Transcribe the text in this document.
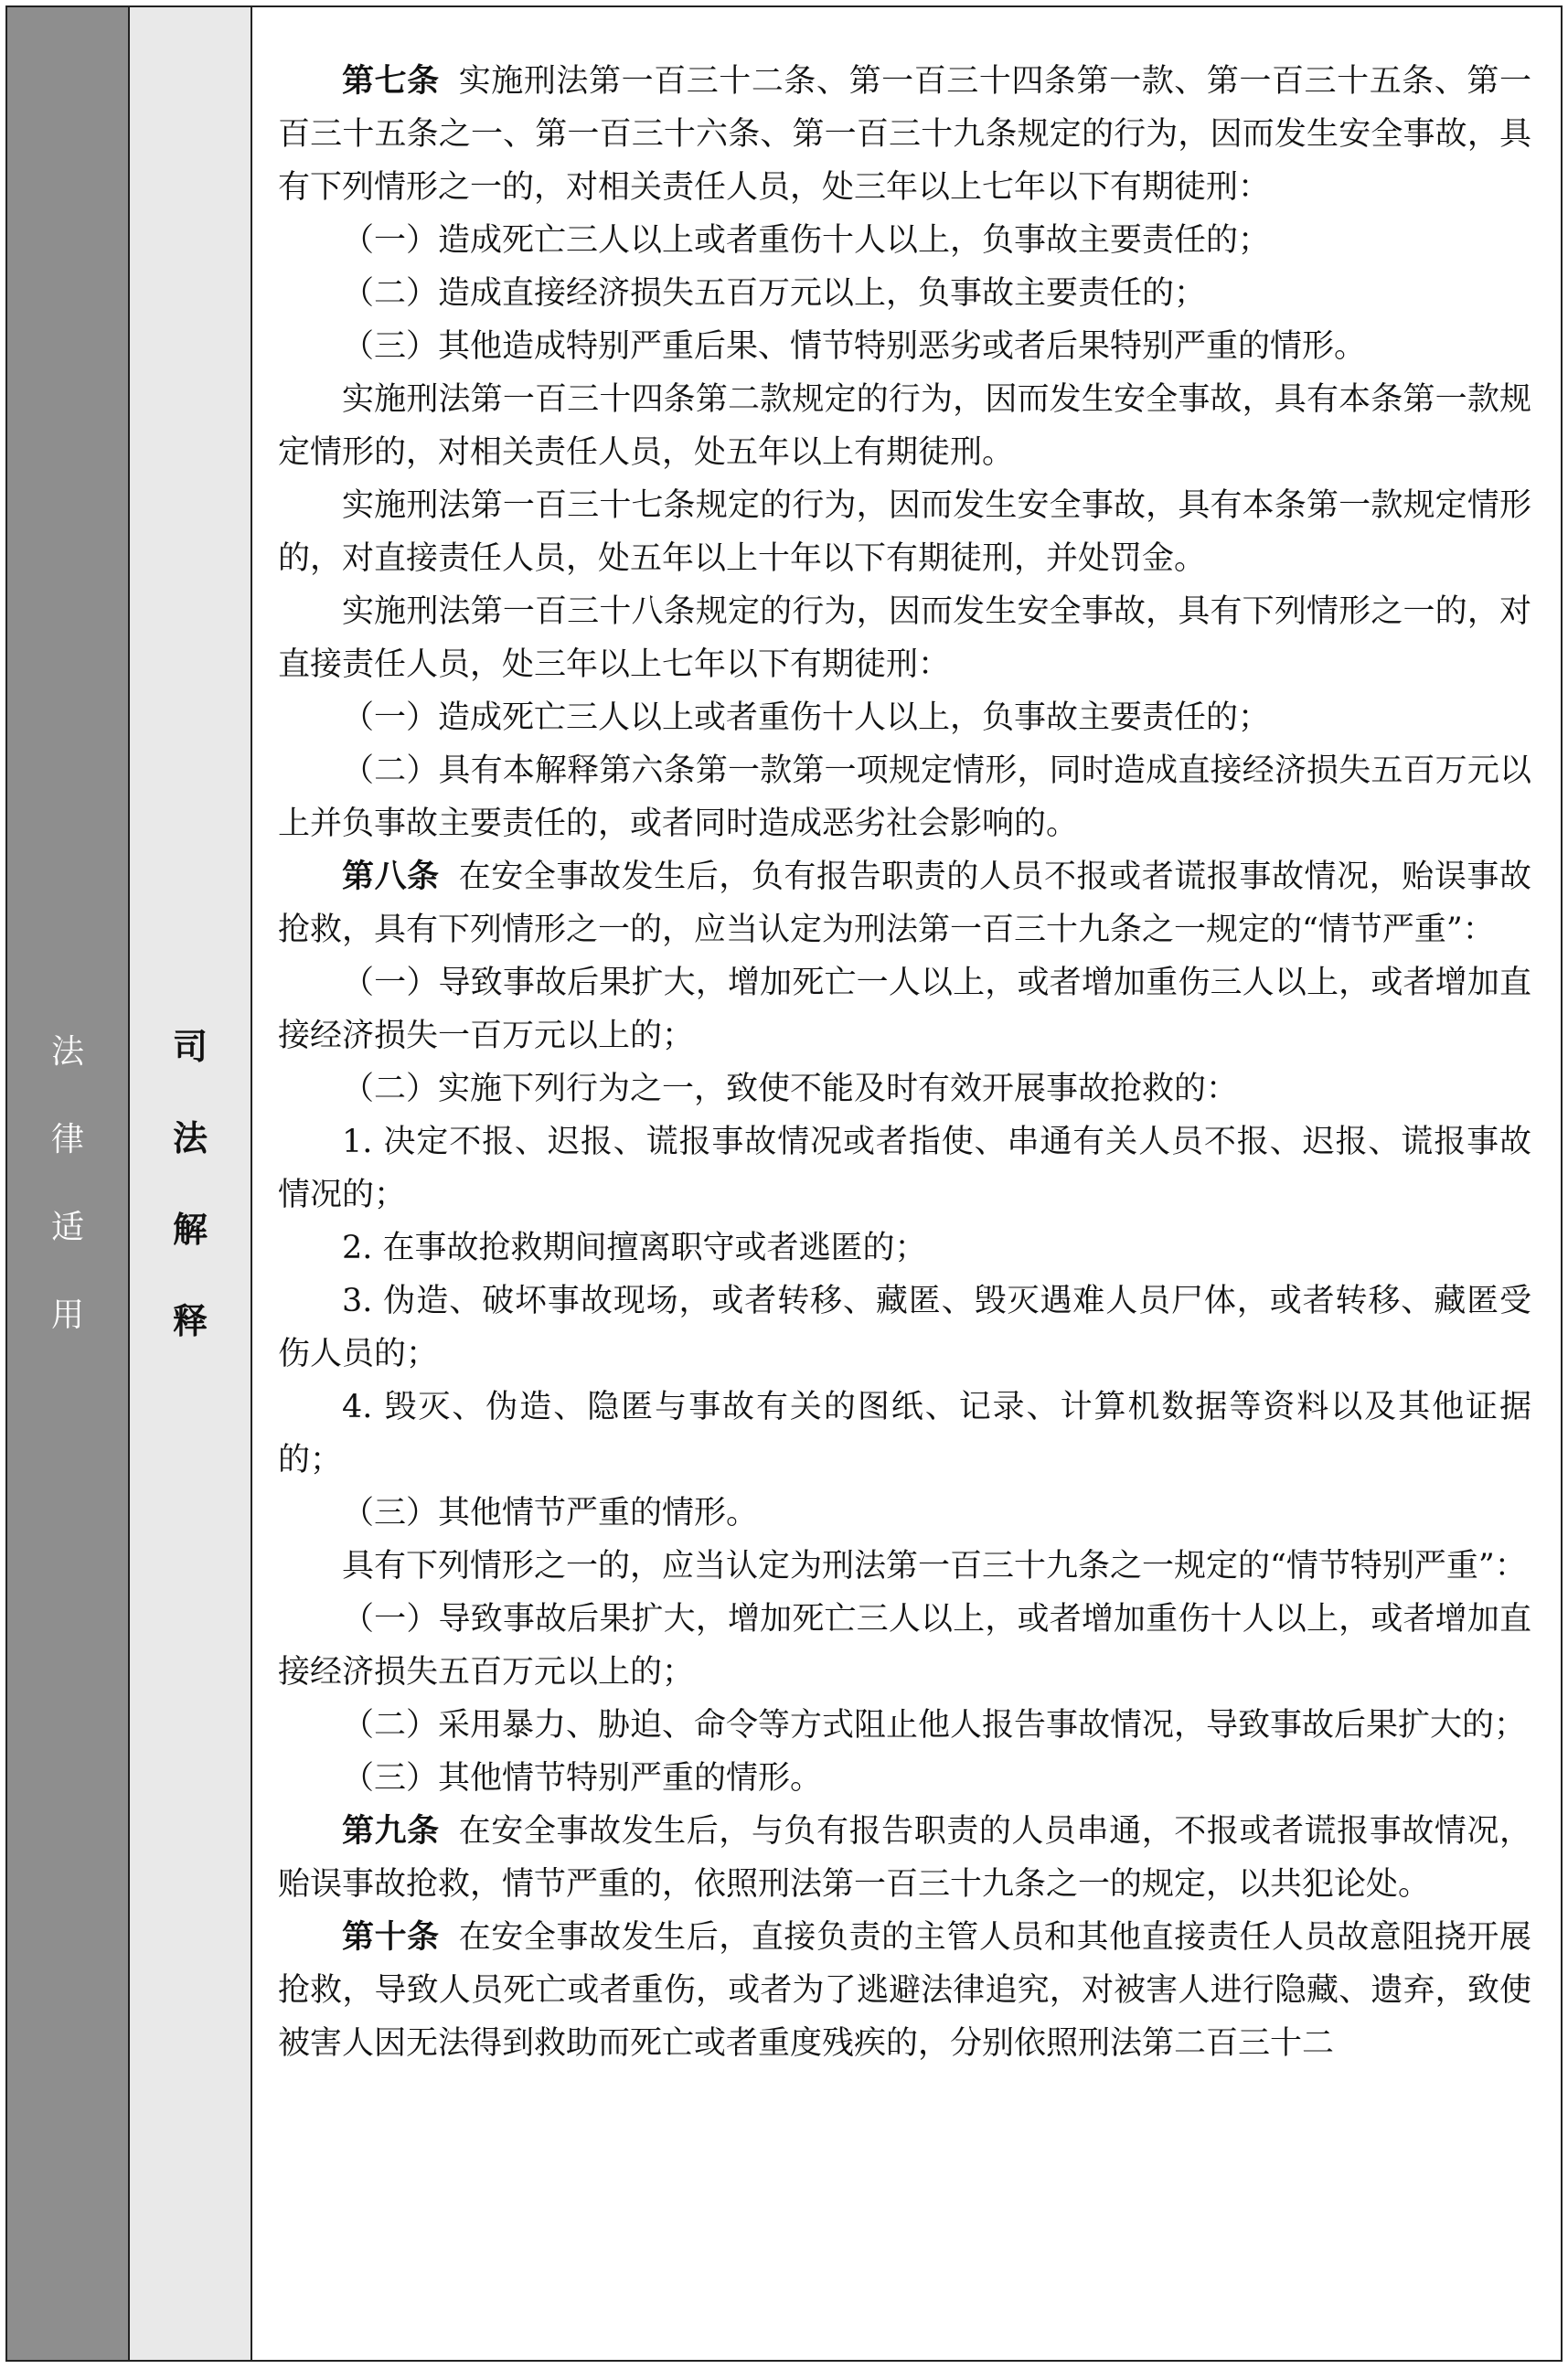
法
律
适
用
司
法
解
释

第七条 实施刑法第一百三十二条、第一百三十四条第一款、第一百三十五条、第一百三十五条之一、第一百三十六条、第一百三十九条规定的行为，因而发生安全事故，具有下列情形之一的，对相关责任人员，处三年以上七年以下有期徒刑：

（一）造成死亡三人以上或者重伤十人以上，负事故主要责任的；

（二）造成直接经济损失五百万元以上，负事故主要责任的；

（三）其他造成特别严重后果、情节特别恶劣或者后果特别严重的情形。

实施刑法第一百三十四条第二款规定的行为，因而发生安全事故，具有本条第一款规定情形的，对相关责任人员，处五年以上有期徒刑。

实施刑法第一百三十七条规定的行为，因而发生安全事故，具有本条第一款规定情形的，对直接责任人员，处五年以上十年以下有期徒刑，并处罚金。

实施刑法第一百三十八条规定的行为，因而发生安全事故，具有下列情形之一的，对直接责任人员，处三年以上七年以下有期徒刑：

（一）造成死亡三人以上或者重伤十人以上，负事故主要责任的；

（二）具有本解释第六条第一款第一项规定情形，同时造成直接经济损失五百万元以上并负事故主要责任的，或者同时造成恶劣社会影响的。

第八条 在安全事故发生后，负有报告职责的人员不报或者谎报事故情况，贻误事故抢救，具有下列情形之一的，应当认定为刑法第一百三十九条之一规定的“情节严重”：

（一）导致事故后果扩大，增加死亡一人以上，或者增加重伤三人以上，或者增加直接经济损失一百万元以上的；

（二）实施下列行为之一，致使不能及时有效开展事故抢救的：

1. 决定不报、迟报、谎报事故情况或者指使、串通有关人员不报、迟报、谎报事故情况的；

2. 在事故抢救期间擅离职守或者逃匿的；

3. 伪造、破坏事故现场，或者转移、藏匿、毁灭遇难人员尸体，或者转移、藏匿受伤人员的；

4. 毁灭、伪造、隐匿与事故有关的图纸、记录、计算机数据等资料以及其他证据的；

（三）其他情节严重的情形。

具有下列情形之一的，应当认定为刑法第一百三十九条之一规定的“情节特别严重”：

（一）导致事故后果扩大，增加死亡三人以上，或者增加重伤十人以上，或者增加直接经济损失五百万元以上的；

（二）采用暴力、胁迫、命令等方式阻止他人报告事故情况，导致事故后果扩大的；

（三）其他情节特别严重的情形。

第九条 在安全事故发生后，与负有报告职责的人员串通，不报或者谎报事故情况，贻误事故抢救，情节严重的，依照刑法第一百三十九条之一的规定，以共犯论处。

第十条 在安全事故发生后，直接负责的主管人员和其他直接责任人员故意阻挠开展抢救，导致人员死亡或者重伤，或者为了逃避法律追究，对被害人进行隐藏、遗弃，致使被害人因无法得到救助而死亡或者重度残疾的，分别依照刑法第二百三十二
